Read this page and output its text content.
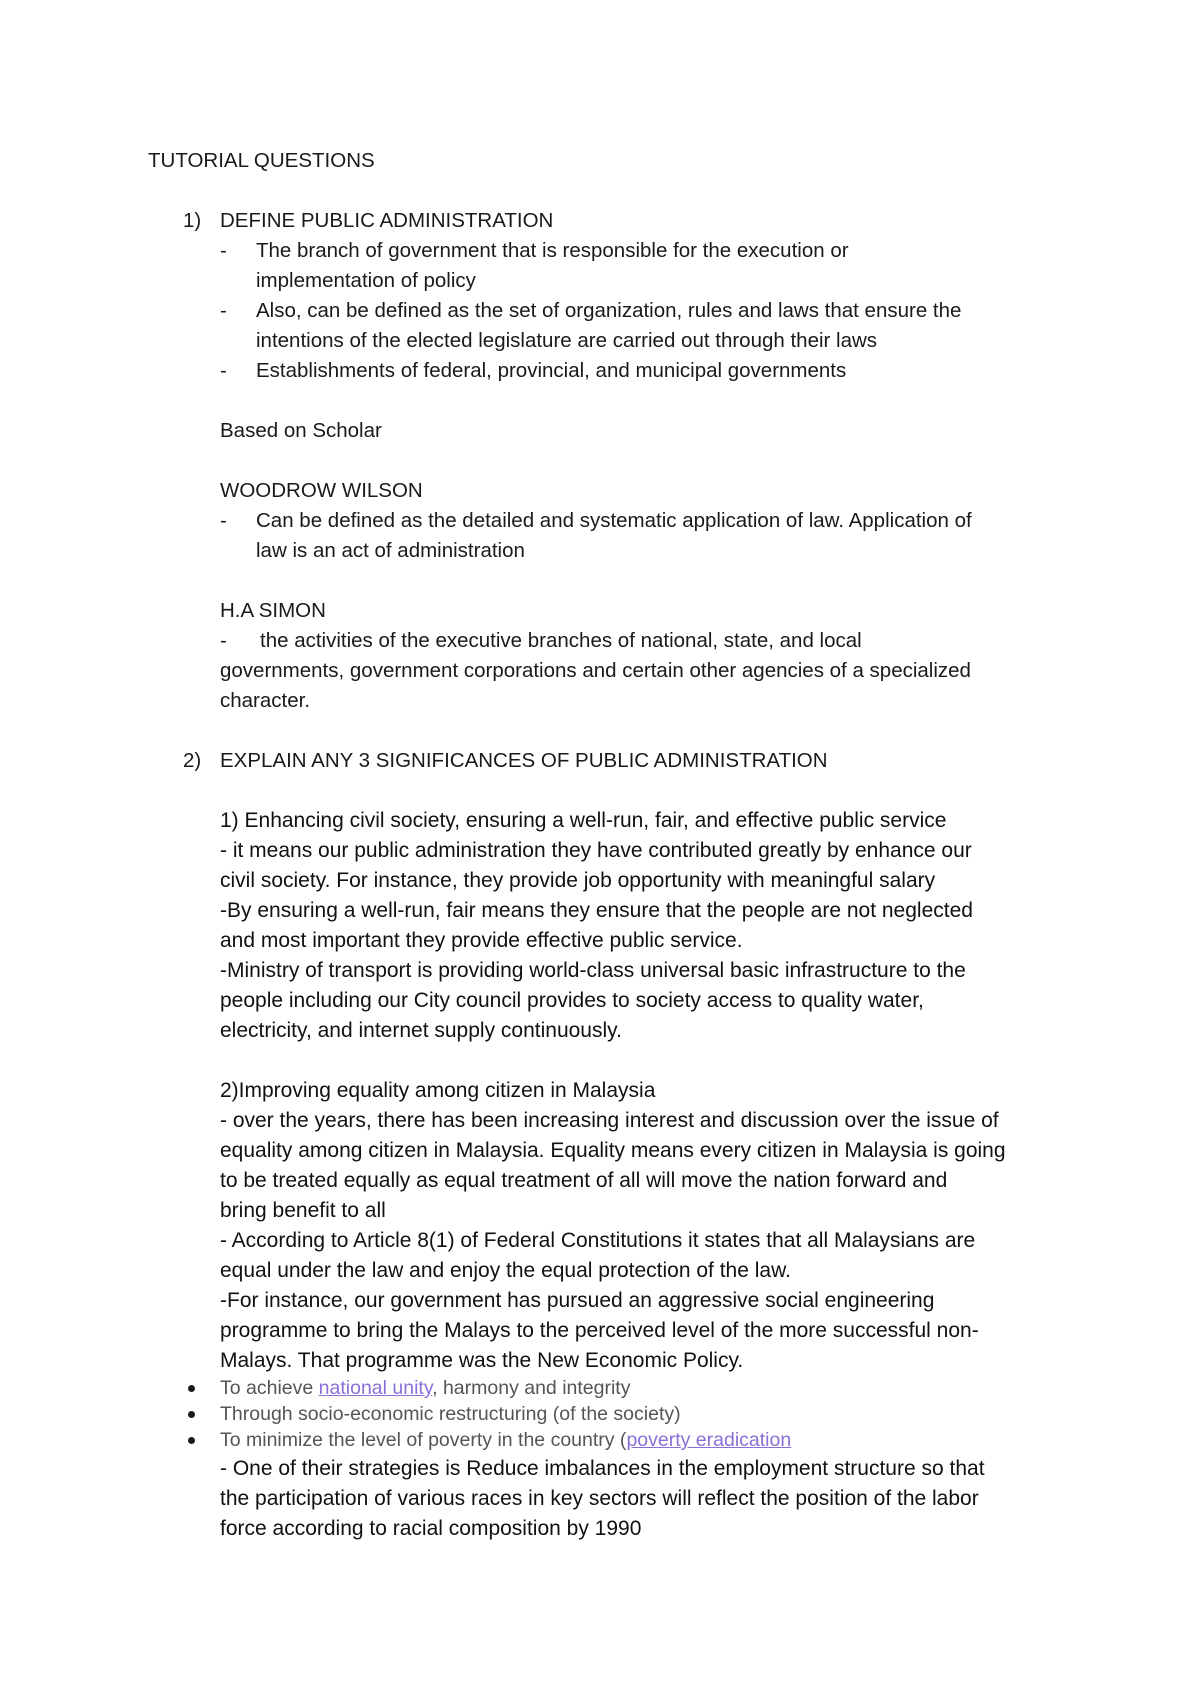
TUTORIAL QUESTIONS
1) DEFINE PUBLIC ADMINISTRATION
- The branch of government that is responsible for the execution or
implementation of policy
- Also, can be defined as the set of organization, rules and laws that ensure the
intentions of the elected legislature are carried out through their laws
- Establishments of federal, provincial, and municipal governments
Based on Scholar
WOODROW WILSON
- Can be defined as the detailed and systematic application of law. Application of
law is an act of administration
H.A SIMON
- the activities of the executive branches of national, state, and local
governments, government corporations and certain other agencies of a specialized
character.
2) EXPLAIN ANY 3 SIGNIFICANCES OF PUBLIC ADMINISTRATION
1) Enhancing civil society, ensuring a well-run, fair, and effective public service
- it means our public administration they have contributed greatly by enhance our
civil society. For instance, they provide job opportunity with meaningful salary
-By ensuring a well-run, fair means they ensure that the people are not neglected
and most important they provide effective public service.
-Ministry of transport is providing world-class universal basic infrastructure to the
people including our City council provides to society access to quality water,
electricity, and internet supply continuously.
2)Improving equality among citizen in Malaysia
- over the years, there has been increasing interest and discussion over the issue of
equality among citizen in Malaysia. Equality means every citizen in Malaysia is going
to be treated equally as equal treatment of all will move the nation forward and
bring benefit to all
- According to Article 8(1) of Federal Constitutions it states that all Malaysians are
equal under the law and enjoy the equal protection of the law.
-For instance, our government has pursued an aggressive social engineering
programme to bring the Malays to the perceived level of the more successful non-
Malays. That programme was the New Economic Policy.
To achieve national unity, harmony and integrity
Through socio-economic restructuring (of the society)
To minimize the level of poverty in the country (poverty eradication
- One of their strategies is Reduce imbalances in the employment structure so that
the participation of various races in key sectors will reflect the position of the labor
force according to racial composition by 1990
